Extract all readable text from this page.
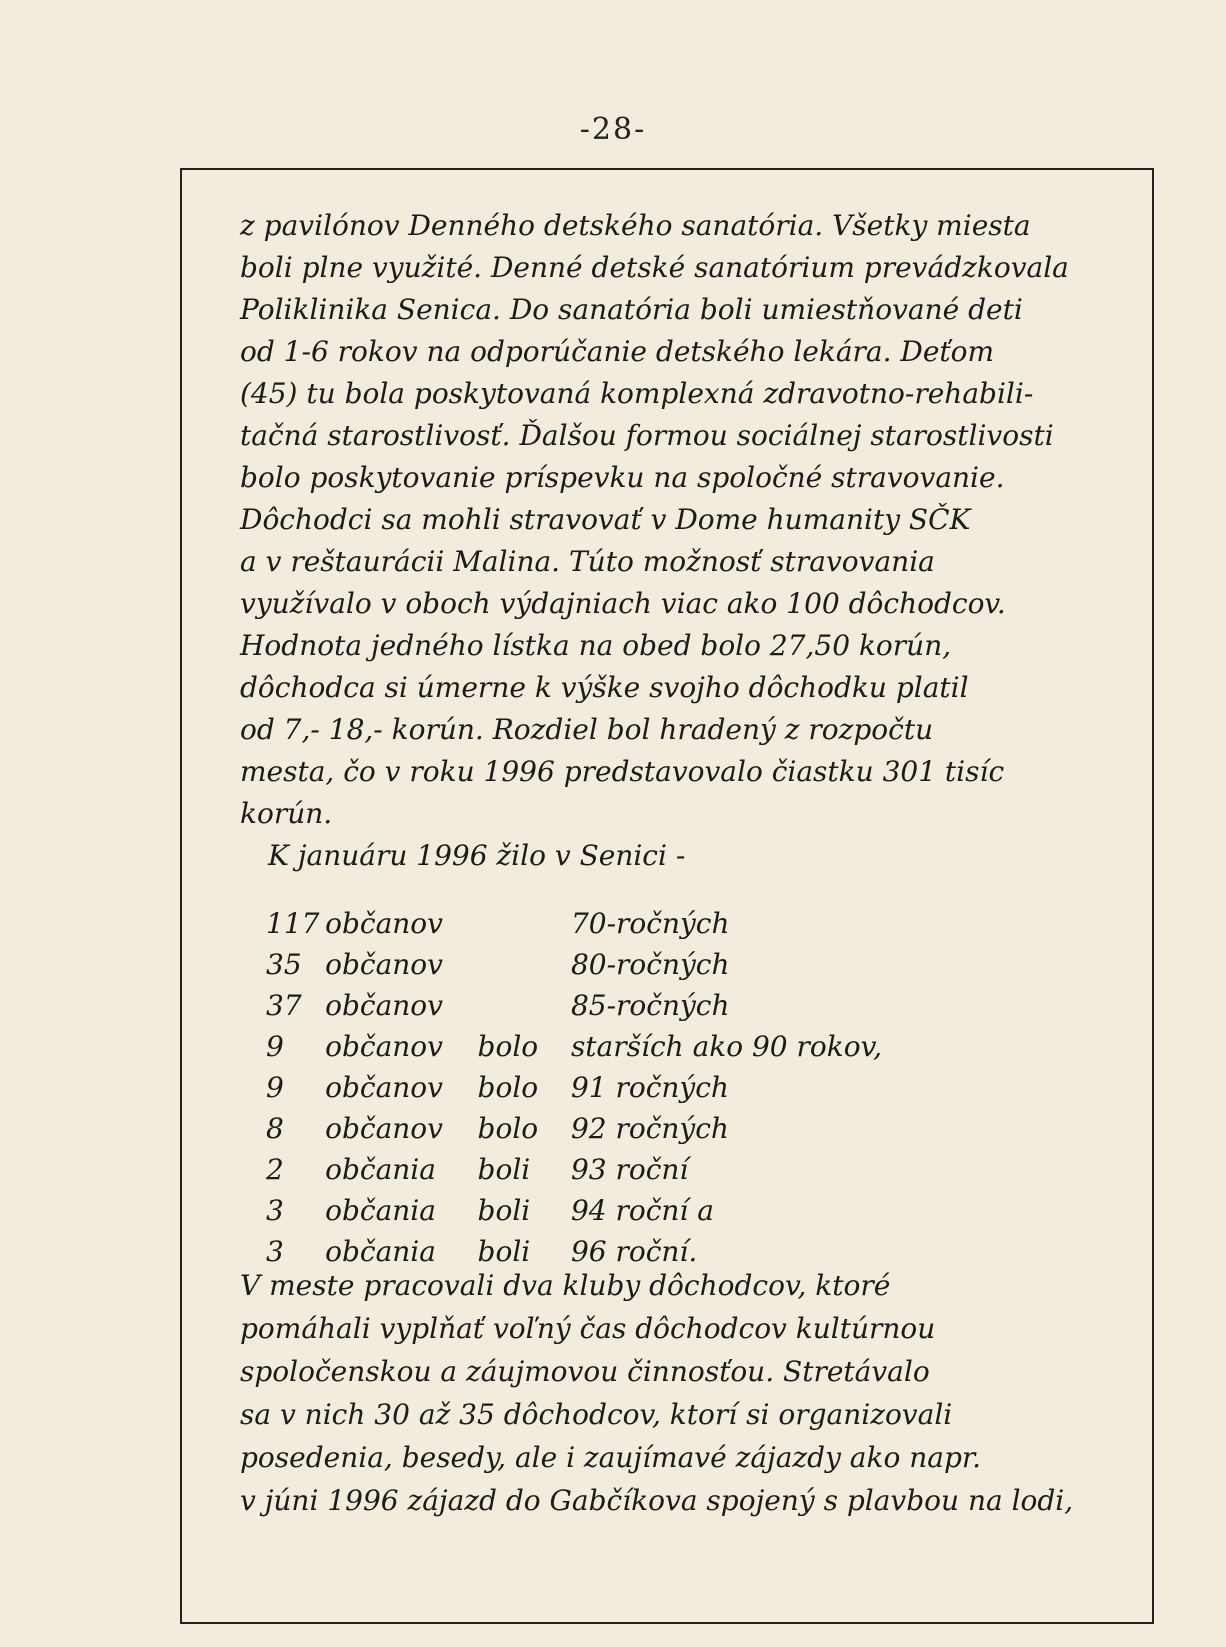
-28-
z pavilónov Denného detského sanatória. Všetky miesta
boli plne využité. Denné detské sanatórium prevádzkovala
Poliklinika Senica. Do sanatória boli umiestňované deti
od 1-6 rokov na odporúčanie detského lekára. Deťom
(45) tu bola poskytovaná komplexná zdravotno-rehabili-
tačná starostlivosť. Ďalšou formou sociálnej starostlivosti
bolo poskytovanie príspevku na spoločné stravovanie.
Dôchodci sa mohli stravovať v Dome humanity SČK
a v reštaurácii Malina. Túto možnosť stravovania
využívalo v oboch výdajniach viac ako 100 dôchodcov.
Hodnota jedného lístka na obed bolo 27,50 korún,
dôchodca si úmerne k výške svojho dôchodku platil
od 7,- 18,- korún. Rozdiel bol hradený z rozpočtu
mesta, čo v roku 1996 predstavovalo čiastku 301 tisíc
korún.
K januáru 1996 žilo v Senici -
117	občanov		70-ročných
35	občanov		80-ročných
37	občanov		85-ročných
9	občanov	bolo	starších ako 90 rokov,
9	občanov	bolo	91 ročných
8	občanov	bolo	92 ročných
2	občania	boli	93 roční
3	občania	boli	94 roční a
3	občania	boli	96 roční.
V meste pracovali dva kluby dôchodcov, ktoré
pomáhali vyplňať voľný čas dôchodcov kultúrnou
spoločenskou a záujmovou činnosťou. Stretávalo
sa v nich 30 až 35 dôchodcov, ktorí si organizovali
posedenia, besedy, ale i zaujímavé zájazdy ako napr.
v júni 1996 zájazd do Gabčíkova spojený s plavbou na lodi,
